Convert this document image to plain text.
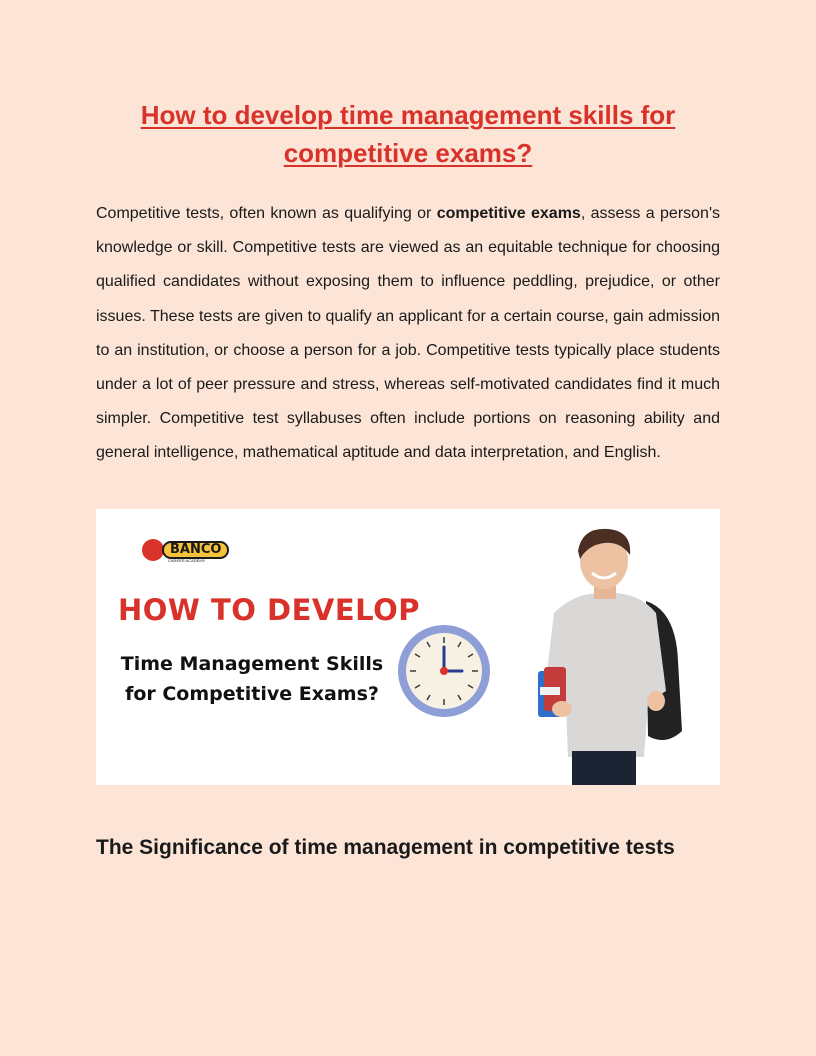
How to develop time management skills for
competitive exams?

Competitive tests, often known as qualifying or competitive exams, assess a person's knowledge or skill. Competitive tests are viewed as an equitable technique for choosing qualified candidates without exposing them to influence peddling, prejudice, or other issues. These tests are given to qualify an applicant for a certain course, gain admission to an institution, or choose a person for a job. Competitive tests typically place students under a lot of peer pressure and stress, whereas self-motivated candidates find it much simpler. Competitive test syllabuses often include portions on reasoning ability and general intelligence, mathematical aptitude and data interpretation, and English.

BANCO
CAREER ACADEMY
HOW TO DEVELOP

Time Management Skills
for Competitive Exams?

The Significance of time management in competitive tests
